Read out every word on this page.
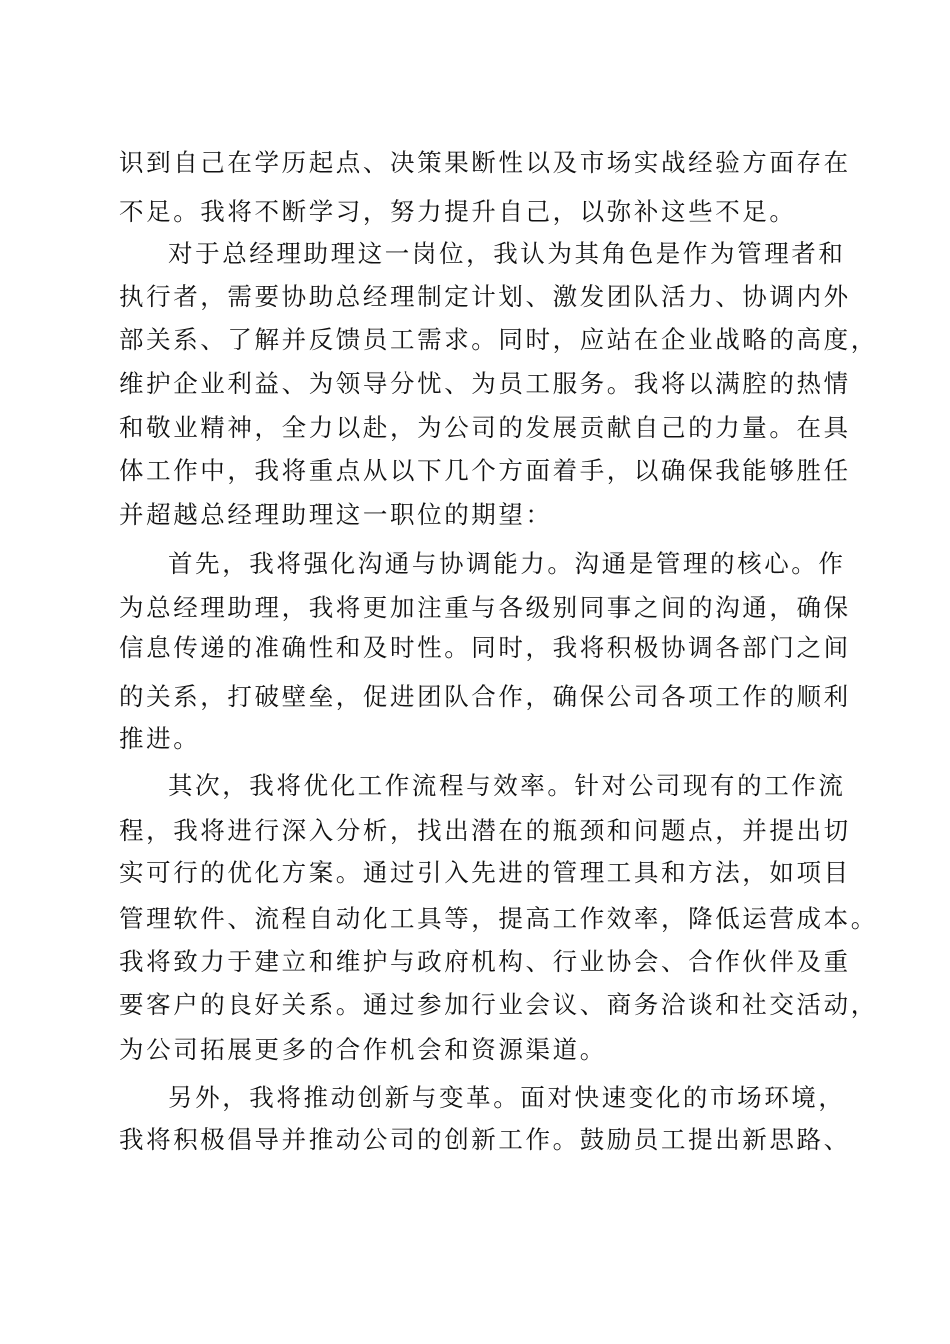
识到自己在学历起点、决策果断性以及市场实战经验方面存在
不足。我将不断学习，努力提升自己，以弥补这些不足。
对于总经理助理这一岗位，我认为其角色是作为管理者和
执行者，需要协助总经理制定计划、激发团队活力、协调内外
部关系、了解并反馈员工需求。同时，应站在企业战略的高度，
维护企业利益、为领导分忧、为员工服务。我将以满腔的热情
和敬业精神，全力以赴，为公司的发展贡献自己的力量。在具
体工作中，我将重点从以下几个方面着手，以确保我能够胜任
并超越总经理助理这一职位的期望：
首先，我将强化沟通与协调能力。沟通是管理的核心。作
为总经理助理，我将更加注重与各级别同事之间的沟通，确保
信息传递的准确性和及时性。同时，我将积极协调各部门之间
的关系，打破壁垒，促进团队合作，确保公司各项工作的顺利
推进。
其次，我将优化工作流程与效率。针对公司现有的工作流
程，我将进行深入分析，找出潜在的瓶颈和问题点，并提出切
实可行的优化方案。通过引入先进的管理工具和方法，如项目
管理软件、流程自动化工具等，提高工作效率，降低运营成本。
我将致力于建立和维护与政府机构、行业协会、合作伙伴及重
要客户的良好关系。通过参加行业会议、商务洽谈和社交活动，
为公司拓展更多的合作机会和资源渠道。
另外，我将推动创新与变革。面对快速变化的市场环境，
我将积极倡导并推动公司的创新工作。鼓励员工提出新思路、
